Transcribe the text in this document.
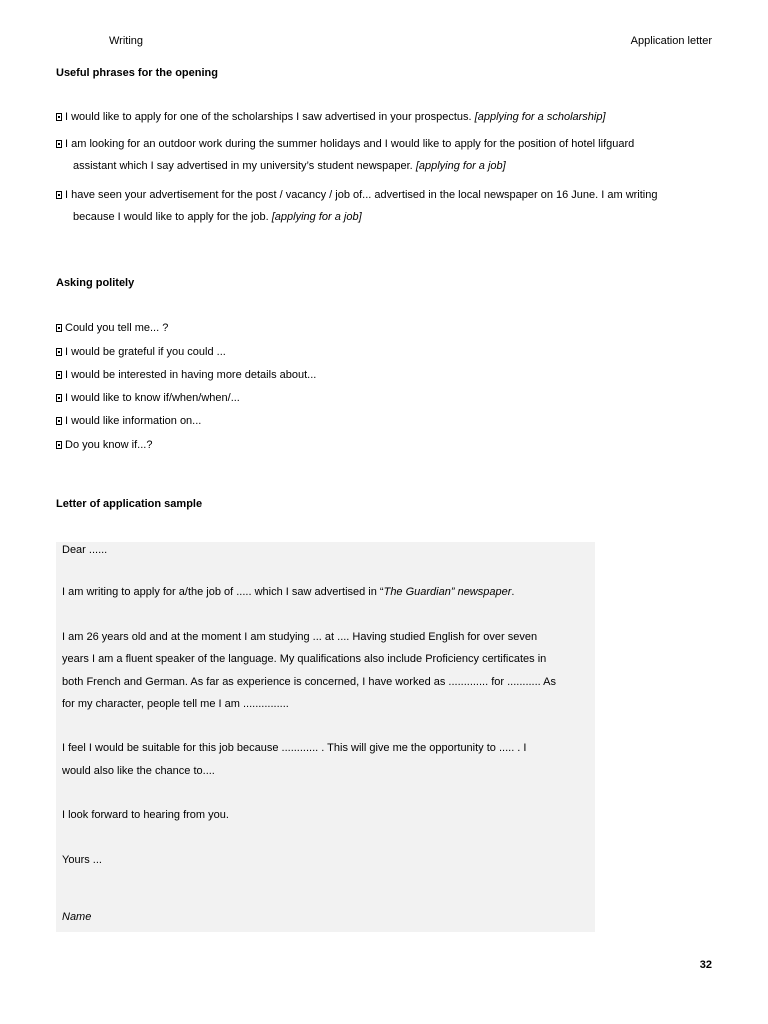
Writing	Application letter
Useful phrases for the opening
I would like to apply for one of the scholarships I saw advertised in your prospectus. [applying for a scholarship]
I am looking for an outdoor work during the summer holidays and I would like to apply for the position of hotel lifguard
assistant which I say advertised in my university’s student newspaper. [applying for a job]
I have seen your advertisement for the post / vacancy / job of... advertised in the local newspaper on 16 June. I am writing
because I would like to apply for the job. [applying for a job]
Asking politely
Could you tell me... ?
I would be grateful if you could ...
I would be interested in having more details about...
I would like to know if/when/when/...
I would like information on...
Do you know if...?
Letter of application sample
Dear ......
I am writing to apply for a/the job of ..... which I saw advertised in “The Guardian” newspaper.
I am 26 years old and at the moment I am studying ... at .... Having studied English for over seven
years I am a fluent speaker of the language. My qualifications also include Proficiency certificates in
both French and German. As far as experience is concerned, I have worked as ............. for ........... As
for my character, people tell me I am ...............
I feel I would be suitable for this job because ............ . This will give me the opportunity to ..... . I
would also like the chance to....
I look forward to hearing from you.
Yours ...
Name
32
